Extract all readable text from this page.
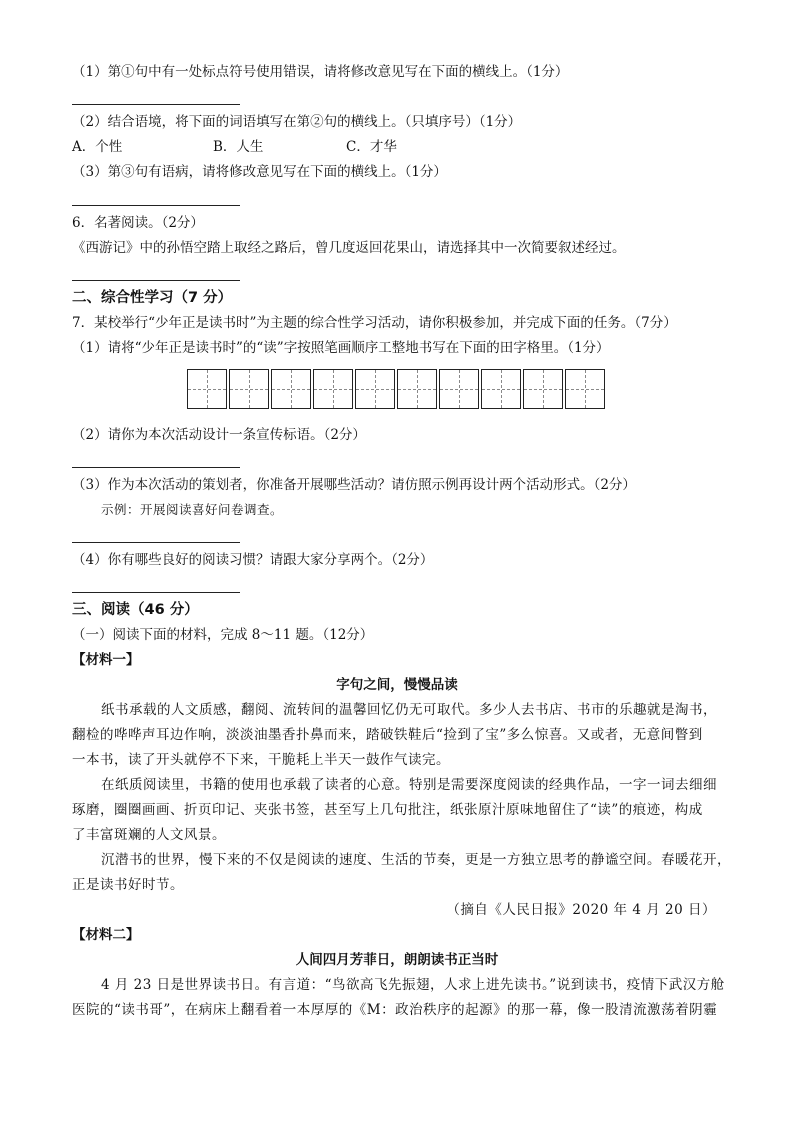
（1）第①句中有一处标点符号使用错误，请将修改意见写在下面的横线上。（1分）
（2）结合语境，将下面的词语填写在第②句的横线上。（只填序号）（1分）
A．个性	B．人生	C．才华
（3）第③句有语病，请将修改意见写在下面的横线上。（1分）
6．名著阅读。（2分）
《西游记》中的孙悟空踏上取经之路后，曾几度返回花果山，请选择其中一次简要叙述经过。
二、综合性学习（7 分）
7．某校举行“少年正是读书时”为主题的综合性学习活动，请你积极参加，并完成下面的任务。（7分）
（1）请将“少年正是读书时”的“读”字按照笔画顺序工整地书写在下面的田字格里。（1分）
（2）请你为本次活动设计一条宣传标语。（2分）
（3）作为本次活动的策划者，你准备开展哪些活动？请仿照示例再设计两个活动形式。（2分）
示例：开展阅读喜好问卷调查。
（4）你有哪些良好的阅读习惯？请跟大家分享两个。（2分）
三、阅读（46 分）
（一）阅读下面的材料，完成 8～11 题。（12分）
【材料一】
字句之间，慢慢品读
纸书承载的人文质感，翻阅、流转间的温馨回忆仍无可取代。多少人去书店、书市的乐趣就是淘书，
翻检的哗哗声耳边作响，淡淡油墨香扑鼻而来，踏破铁鞋后“捡到了宝”多么惊喜。又或者，无意间瞥到
一本书，读了开头就停不下来，干脆耗上半天一鼓作气读完。
在纸质阅读里，书籍的使用也承载了读者的心意。特别是需要深度阅读的经典作品，一字一词去细细
琢磨，圈圈画画、折页印记、夹张书签，甚至写上几句批注，纸张原汁原味地留住了“读”的痕迹，构成
了丰富斑斓的人文风景。
沉潜书的世界，慢下来的不仅是阅读的速度、生活的节奏，更是一方独立思考的静谧空间。春暖花开，
正是读书好时节。
（摘自《人民日报》2020 年 4 月 20 日）
【材料二】
人间四月芳菲日，朗朗读书正当时
4 月 23 日是世界读书日。有言道：“鸟欲高飞先振翅，人求上进先读书。”说到读书，疫情下武汉方舱
医院的“读书哥”，在病床上翻看着一本厚厚的《M：政治秩序的起源》的那一幕，像一股清流激荡着阴霾
